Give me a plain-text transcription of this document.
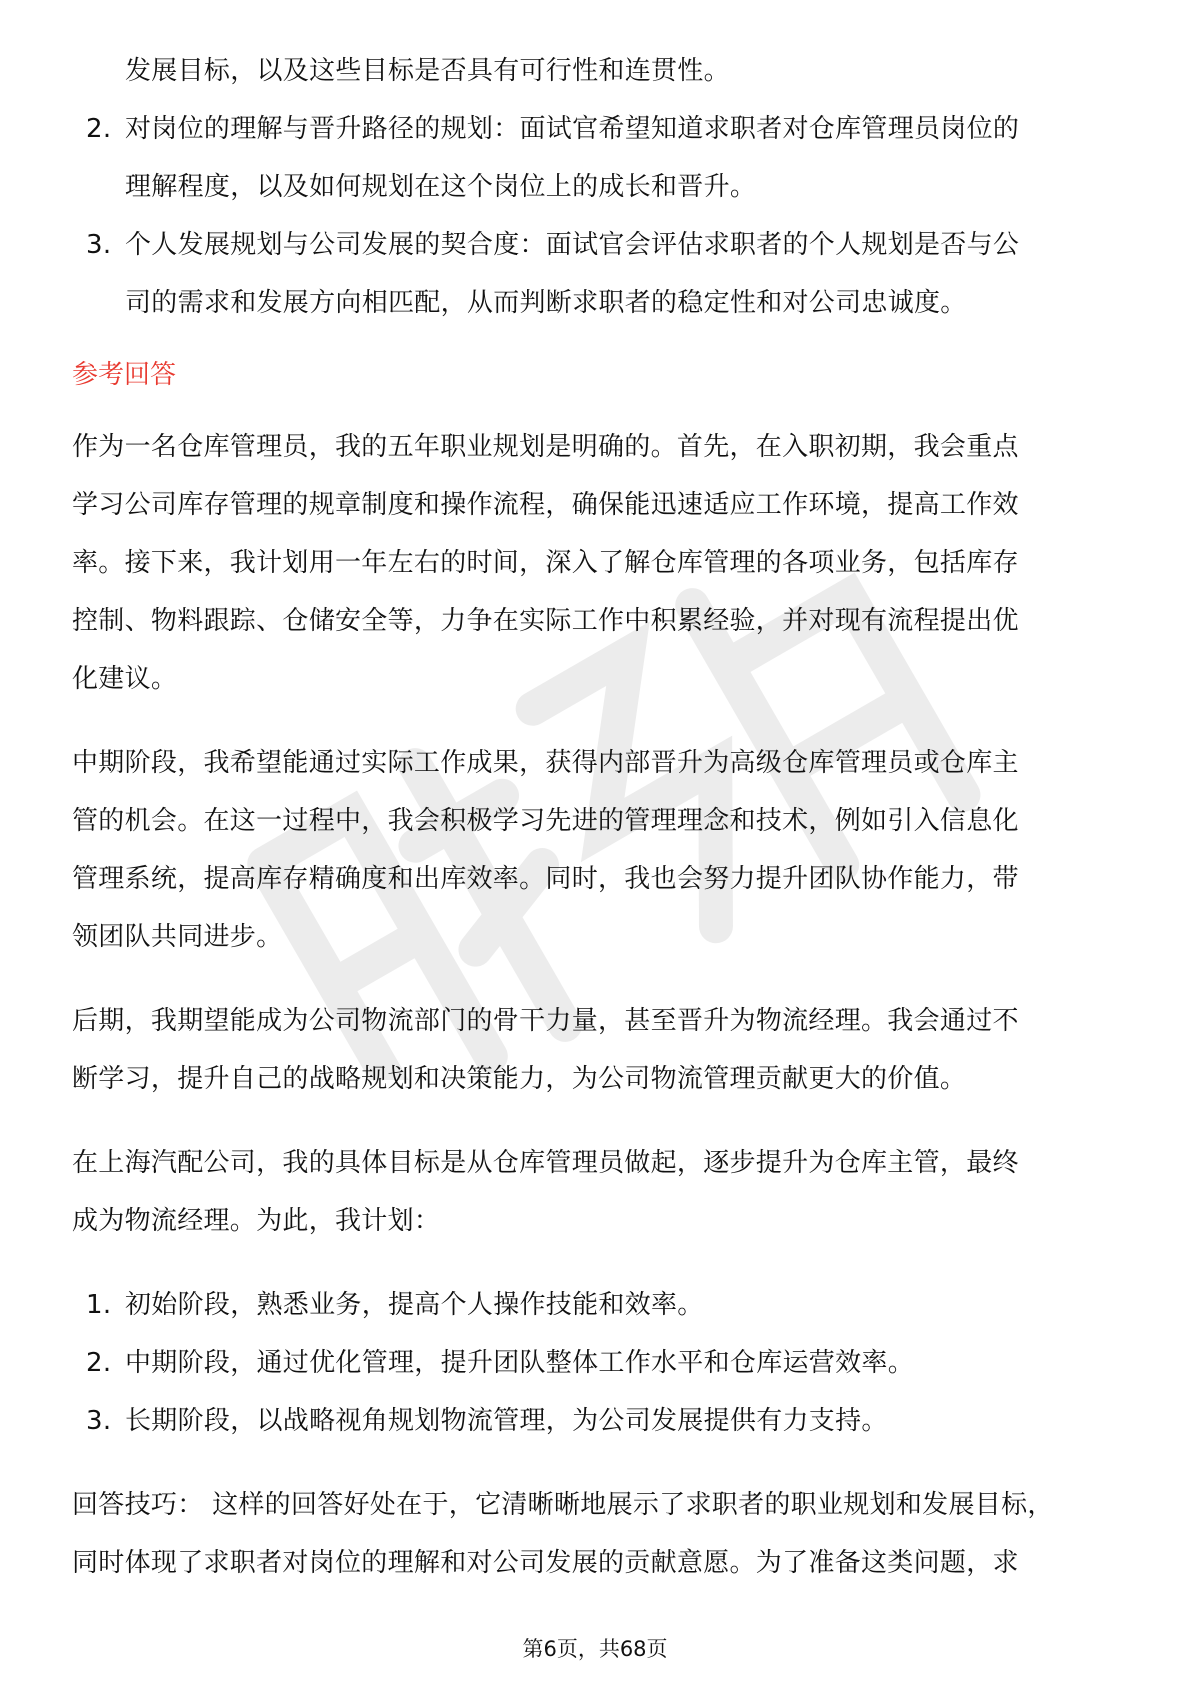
发展目标，以及这些目标是否具有可行性和连贯性。
2. 对岗位的理解与晋升路径的规划：面试官希望知道求职者对仓库管理员岗位的
理解程度，以及如何规划在这个岗位上的成长和晋升。
3. 个人发展规划与公司发展的契合度：面试官会评估求职者的个人规划是否与公
司的需求和发展方向相匹配，从而判断求职者的稳定性和对公司忠诚度。
参考回答
作为一名仓库管理员，我的五年职业规划是明确的。首先，在入职初期，我会重点
学习公司库存管理的规章制度和操作流程，确保能迅速适应工作环境，提高工作效
率。接下来，我计划用一年左右的时间，深入了解仓库管理的各项业务，包括库存
控制、物料跟踪、仓储安全等，力争在实际工作中积累经验，并对现有流程提出优
化建议。
中期阶段，我希望能通过实际工作成果，获得内部晋升为高级仓库管理员或仓库主
管的机会。在这一过程中，我会积极学习先进的管理理念和技术，例如引入信息化
管理系统，提高库存精确度和出库效率。同时，我也会努力提升团队协作能力，带
领团队共同进步。
后期，我期望能成为公司物流部门的骨干力量，甚至晋升为物流经理。我会通过不
断学习，提升自己的战略规划和决策能力，为公司物流管理贡献更大的价值。
在上海汽配公司，我的具体目标是从仓库管理员做起，逐步提升为仓库主管，最终
成为物流经理。为此，我计划：
1. 初始阶段，熟悉业务，提高个人操作技能和效率。
2. 中期阶段，通过优化管理，提升团队整体工作水平和仓库运营效率。
3. 长期阶段，以战略视角规划物流管理，为公司发展提供有力支持。
回答技巧： 这样的回答好处在于，它清晰晰地展示了求职者的职业规划和发展目标，
同时体现了求职者对岗位的理解和对公司发展的贡献意愿。为了准备这类问题，求
第6页，共68页
